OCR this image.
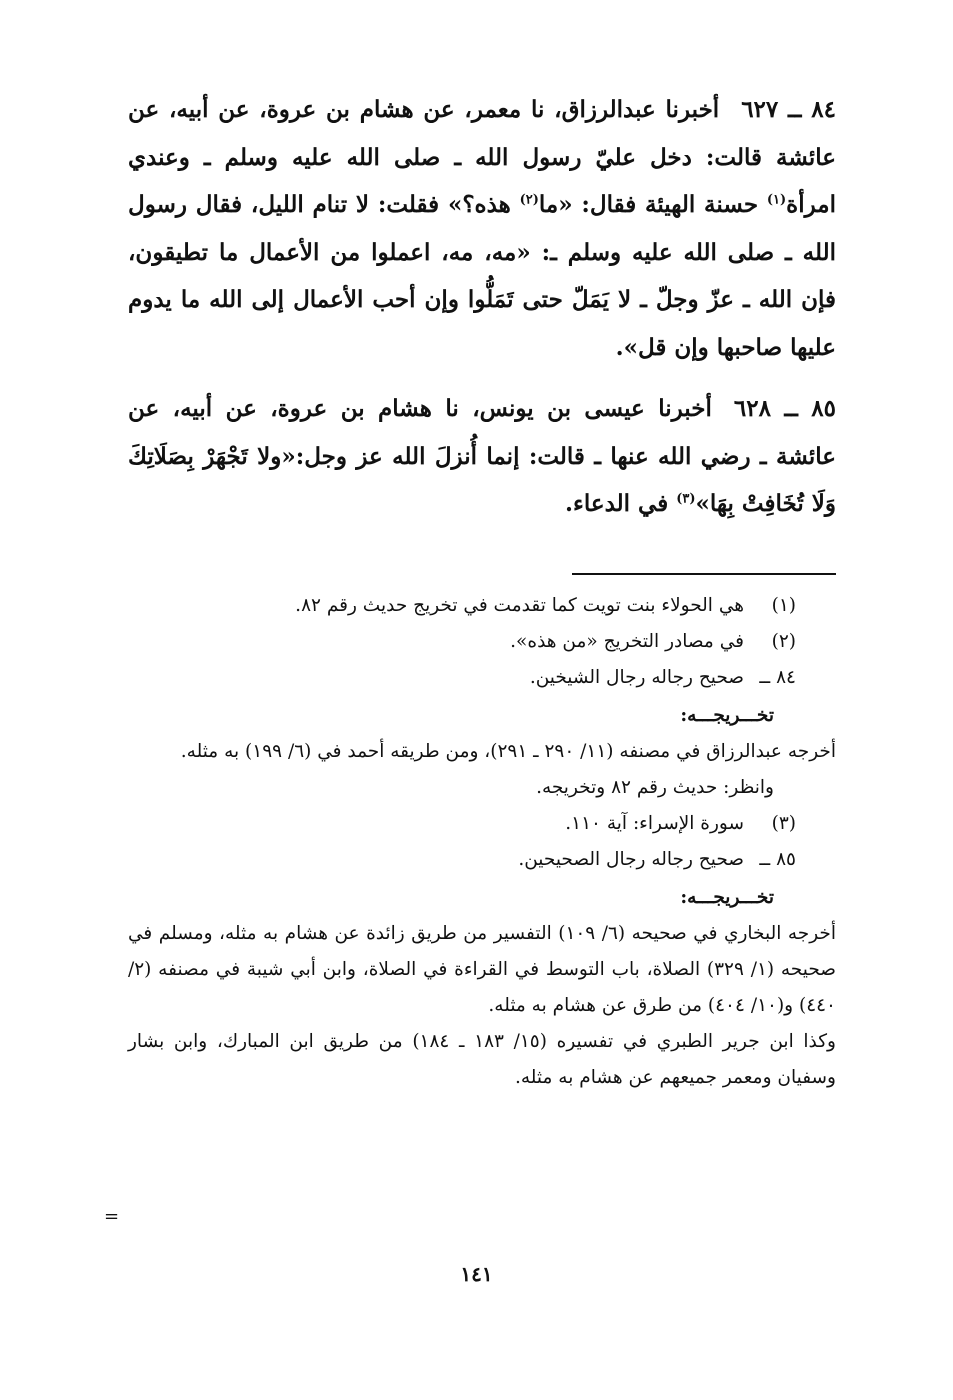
٨٤ ــ ٦٢٧أخبرنا عبدالرزاق، نا معمر، عن هشام بن عروة، عن أبيه، عن عائشة قالت: دخل عليّ رسول الله ـ صلى الله عليه وسلم ـ وعندي امرأة$^{(١)}$ حسنة الهيئة فقال: «ما$^{(٢)}$ هذه؟» فقلت: لا تنام الليل، فقال رسول الله ـ صلى الله عليه وسلم ـ: «مه، مه، اعملوا من الأعمال ما تطيقون، فإن الله ـ عزّ وجلّ ـ لا يَمَلّ حتى تَمَلُّوا وإن أحب الأعمال إلى الله ما يدوم عليها صاحبها وإن قل».

٨٥ ــ ٦٢٨أخبرنا عيسى بن يونس، نا هشام بن عروة، عن أبيه، عن عائشة ـ رضي الله عنها ـ قالت: إنما أُنزلَ الله عز وجل:«ولا تَجْهَرْ بِصَلَاتِكَ وَلَا تُخَافِتْ بِهَا»$^{(٣)}$ في الدعاء.

(١)هي الحولاء بنت تويت كما تقدمت في تخريج حديث رقم ٨٢.

(٢)في مصادر التخريج «من هذه».

٨٤ ــصحيح رجاله رجال الشيخين.

تخـــريجـــه:

أخرجه عبدالرزاق في مصنفه (١١/ ٢٩٠ ـ ٢٩١)، ومن طريقه أحمد في (٦/ ١٩٩) به مثله.

وانظر: حديث رقم ٨٢ وتخريجه.

(٣)سورة الإسراء: آية ١١٠.

٨٥ ــصحيح رجاله رجال الصحيحين.

تخـــريجـــه:

أخرجه البخاري في صحيحه (٦/ ١٠٩) التفسير من طريق زائدة عن هشام به مثله، ومسلم في صحيحه (١/ ٣٢٩) الصلاة، باب التوسط في القراءة في الصلاة، وابن أبي شيبة في مصنفه (٢/ ٤٤٠) و(١٠/ ٤٠٤) من طرق عن هشام به مثله.

وكذا ابن جرير الطبري في تفسيره (١٥/ ١٨٣ ـ ١٨٤) من طريق ابن المبارك، وابن بشار وسفيان ومعمر جميعهم عن هشام به مثله.

=
١٤١
